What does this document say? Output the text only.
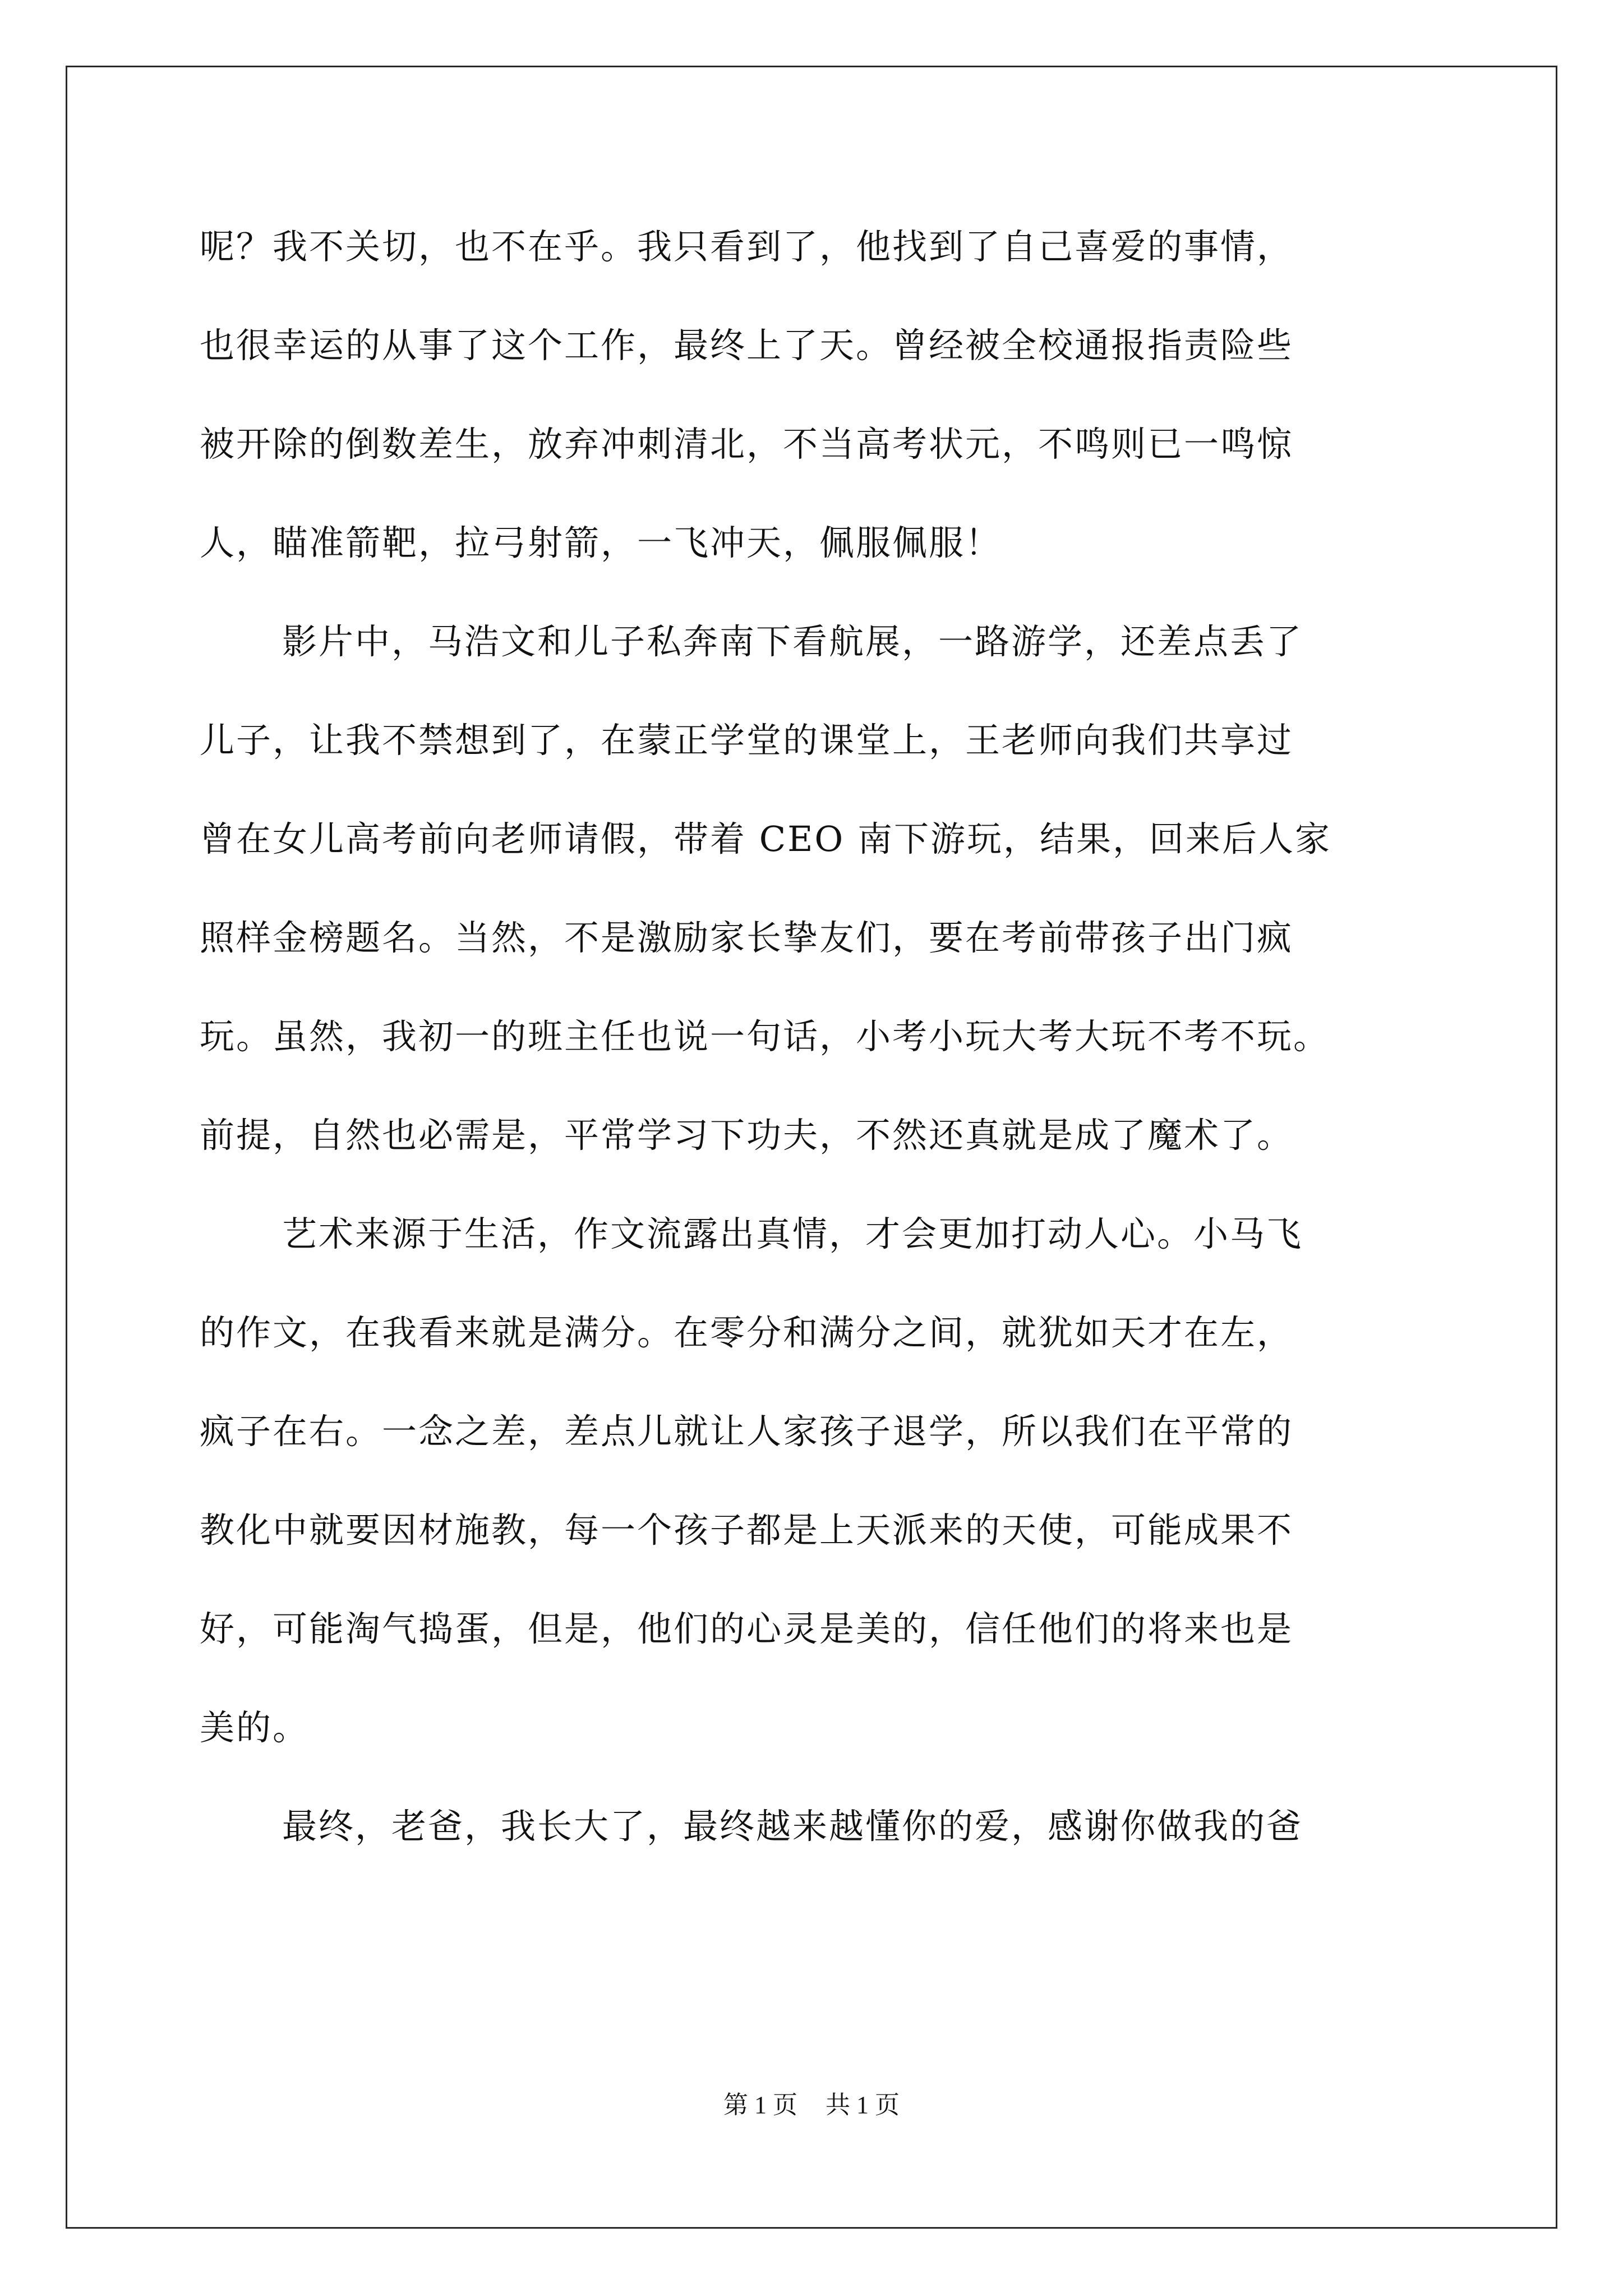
呢？我不关切，也不在乎。我只看到了，他找到了自己喜爱的事情，
也很幸运的从事了这个工作，最终上了天。曾经被全校通报指责险些
被开除的倒数差生，放弃冲刺清北，不当高考状元，不鸣则已一鸣惊
人，瞄准箭靶，拉弓射箭，一飞冲天，佩服佩服！
影片中，马浩文和儿子私奔南下看航展，一路游学，还差点丢了
儿子，让我不禁想到了，在蒙正学堂的课堂上，王老师向我们共享过
曾在女儿高考前向老师请假，带着 CEO 南下游玩，结果，回来后人家
照样金榜题名。当然，不是激励家长挚友们，要在考前带孩子出门疯
玩。虽然，我初一的班主任也说一句话，小考小玩大考大玩不考不玩。
前提，自然也必需是，平常学习下功夫，不然还真就是成了魔术了。
艺术来源于生活，作文流露出真情，才会更加打动人心。小马飞
的作文，在我看来就是满分。在零分和满分之间，就犹如天才在左，
疯子在右。一念之差，差点儿就让人家孩子退学，所以我们在平常的
教化中就要因材施教，每一个孩子都是上天派来的天使，可能成果不
好，可能淘气捣蛋，但是，他们的心灵是美的，信任他们的将来也是
美的。
最终，老爸，我长大了，最终越来越懂你的爱，感谢你做我的爸
第 1 页 共 1 页
